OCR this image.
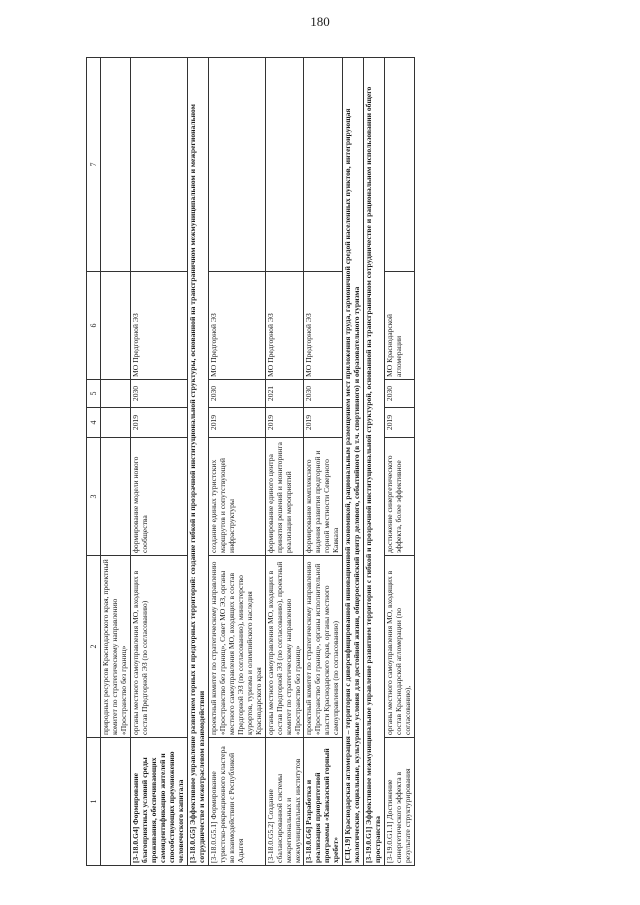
180
1	2	3	4	5	6	7
	природных ресурсов Краснодарского края, проектный комитет по стратегическому направлению «Пространство без границ»					
[3-18.0.G4] Формирование благоприятных условий среды проживания, обеспечивающих самоидентификацию жителей и способствующих преумножению человеческого капитала	органы местного самоуправления МО, входящих в состав Предгорной ЭЗ (по согласованию)	формирование модели нового сообщества	2019	2030	МО Предгорной ЭЗ	
[3-18.0.G5] Эффективное управление развитием горных и предгорных территорий: создание гибкой и прозрачной институциональной структуры, основанной на трансграничном межмуниципальном и межрегиональном сотрудничестве и межотраслевом взаимодействии						
[3-18.0.G5.1] Формирование туристско-рекреационного кластера во взаимодействии с Республикой Адыгея	проектный комитет по стратегическому направлению «Пространство без границ», Совет МО ЭЗ, органы местного самоуправления МО, входящих в состав Предгорной ЭЗ (по согласованию), министерство курортов, туризма и олимпийского наследия Краснодарского края	создание единых туристских маршрутов и сопутствующей инфраструктуры	2019	2030	МО Предгорной ЭЗ	
[3-18.0.G5.2] Создание сбалансированной системы межрегиональных и межмуниципальных институтов	органы местного самоуправления МО, входящих в состав Предгорной ЭЗ (по согласованию), проектный комитет по стратегическому направлению «Пространство без границ»	формирование единого центра принятия решений и мониторинга реализации мероприятий	2019	2021	МО Предгорной ЭЗ	
[3-18.0.G6] Разработка и реализация приоритетной программы «Кавказский горный хребет»	проектный комитет по стратегическому направлению «Пространство без границ», органы исполнительной власти Краснодарского края, органы местного самоуправления (по согласованию)	формирование комплексного видения развития предгорной и горной местности Северного Кавказа	2019	2030	МО Предгорной ЭЗ	
[СЦ-19] Краснодарская агломерация – территория с диверсифицированной инновационной экономикой, рациональным размещением мест приложения труда, гармоничной средой населенных пунктов, интегрирующая экологические, социальные, культурные условия для достойной жизни, общероссийский центр делового, событийного (в т.ч. спортивного) и образовательного туризма						
[3-19.0.G1] Эффективное межмуниципальное управление развитием территории с гибкой и прозрачной институциональной структурой, основанной на трансграничном сотрудничестве и рациональном использовании общего пространства						
[3-19.0.G1.1] Достижение синергетического эффекта в результате структурирования	органы местного самоуправления МО, входящих в состав Краснодарской агломерации (по согласованию),	достижение синергетического эффекта, более эффективное	2019	2030	МО Краснодарской агломерации	
